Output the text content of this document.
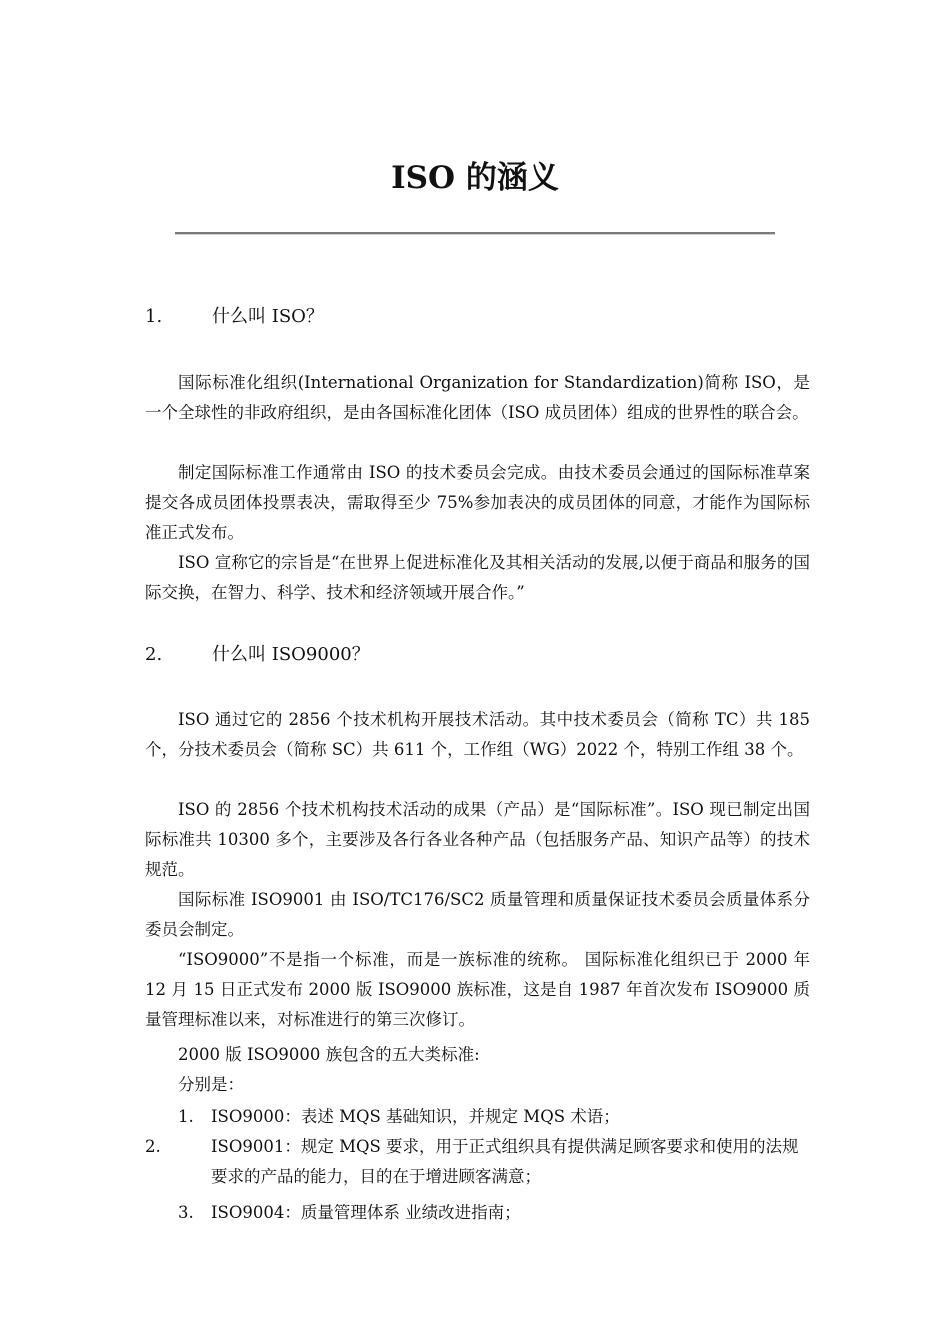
ISO 的涵义
1.	什么叫 ISO？

国际标准化组织(International Organization for Standardization)简称 ISO，是一个全球性的非政府组织，是由各国标准化团体（ISO 成员团体）组成的世界性的联合会。

制定国际标准工作通常由 ISO 的技术委员会完成。由技术委员会通过的国际标准草案提交各成员团体投票表决，需取得至少 75%参加表决的成员团体的同意，才能作为国际标准正式发布。

ISO 宣称它的宗旨是“在世界上促进标准化及其相关活动的发展,以便于商品和服务的国际交换，在智力、科学、技术和经济领域开展合作。”

2.	什么叫 ISO9000？

ISO 通过它的 2856 个技术机构开展技术活动。其中技术委员会（简称 TC）共 185 个，分技术委员会（简称 SC）共 611 个，工作组（WG）2022 个，特别工作组 38 个。

ISO 的 2856 个技术机构技术活动的成果（产品）是“国际标准”。ISO 现已制定出国际标准共 10300 多个，主要涉及各行各业各种产品（包括服务产品、知识产品等）的技术规范。

国际标准 ISO9001 由 ISO/TC176/SC2 质量管理和质量保证技术委员会质量体系分委员会制定。

“ISO9000”不是指一个标准，而是一族标准的统称。 国际标准化组织已于 2000 年 12 月 15 日正式发布 2000 版 ISO9000 族标准，这是自 1987 年首次发布 ISO9000 质量管理标准以来，对标准进行的第三次修订。

2000 版 ISO9000 族包含的五大类标准:

分别是：

1. ISO9000：表述 MQS 基础知识，并规定 MQS 术语；
2.	ISO9001：规定 MQS 要求，用于正式组织具有提供满足顾客要求和使用的法规要求的产品的能力，目的在于增进顾客满意；
3. ISO9004：质量管理体系 业绩改进指南；
